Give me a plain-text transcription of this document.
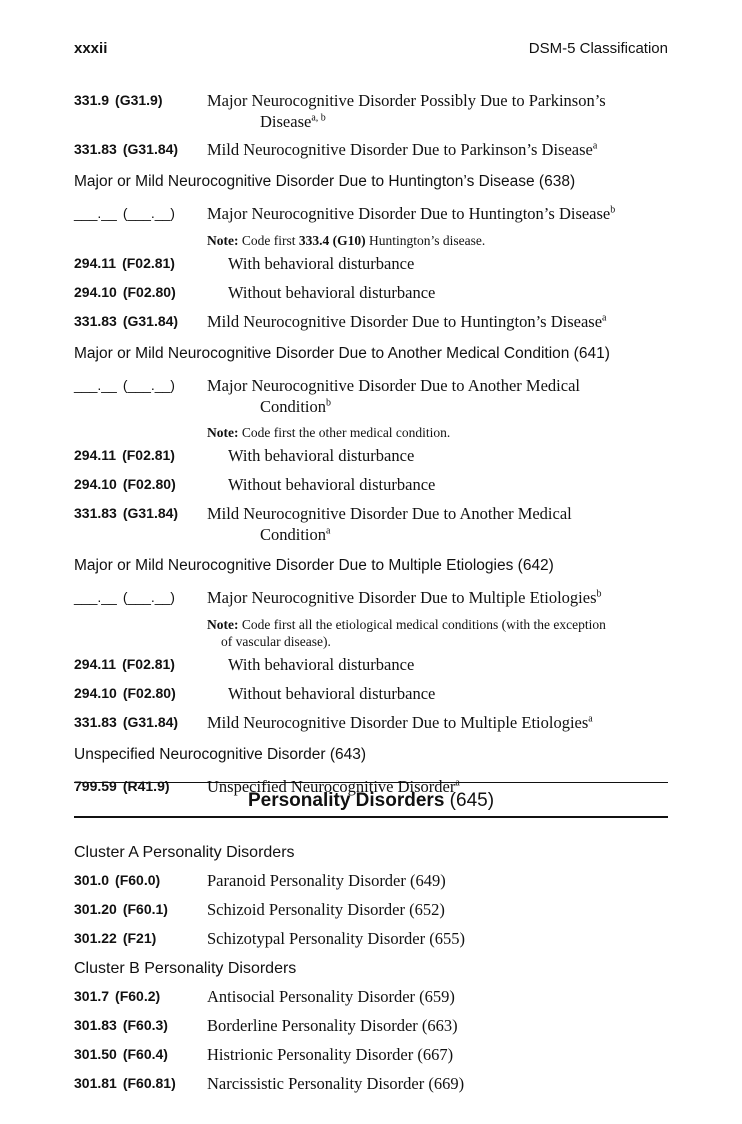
xxxii	DSM-5 Classification
331.9 (G31.9)	Major Neurocognitive Disorder Possibly Due to Parkinson’s
Disease$^{a, b}$
331.83 (G31.84) Mild Neurocognitive Disorder Due to Parkinson’s Disease$^a$
Major or Mild Neurocognitive Disorder Due to Huntington’s Disease (638)
___.__ (___.__) Major Neurocognitive Disorder Due to Huntington’s Disease$^b$
Note: Code first 333.4 (G10) Huntington’s disease.
294.11 (F02.81)	With behavioral disturbance
294.10 (F02.80)	Without behavioral disturbance
331.83 (G31.84) Mild Neurocognitive Disorder Due to Huntington’s Disease$^a$
Major or Mild Neurocognitive Disorder Due to Another Medical Condition (641)
___.__ (___.__) Major Neurocognitive Disorder Due to Another Medical
Condition$^b$
Note: Code first the other medical condition.
294.11 (F02.81)	With behavioral disturbance
294.10 (F02.80)	Without behavioral disturbance
331.83 (G31.84) Mild Neurocognitive Disorder Due to Another Medical
Condition$^a$
Major or Mild Neurocognitive Disorder Due to Multiple Etiologies (642)
___.__ (___.__) Major Neurocognitive Disorder Due to Multiple Etiologies$^b$
Note: Code first all the etiological medical conditions (with the exception
of vascular disease).
294.11 (F02.81)	With behavioral disturbance
294.10 (F02.80)	Without behavioral disturbance
331.83 (G31.84) Mild Neurocognitive Disorder Due to Multiple Etiologies$^a$
Unspecified Neurocognitive Disorder (643)
799.59 (R41.9) Unspecified Neurocognitive Disorder$^a$
Personality Disorders (645)
Cluster A Personality Disorders
301.0 (F60.0)	Paranoid Personality Disorder (649)
301.20 (F60.1) Schizoid Personality Disorder (652)
301.22 (F21)	Schizotypal Personality Disorder (655)
Cluster B Personality Disorders
301.7 (F60.2)	Antisocial Personality Disorder (659)
301.83 (F60.3) Borderline Personality Disorder (663)
301.50 (F60.4) Histrionic Personality Disorder (667)
301.81 (F60.81) Narcissistic Personality Disorder (669)
